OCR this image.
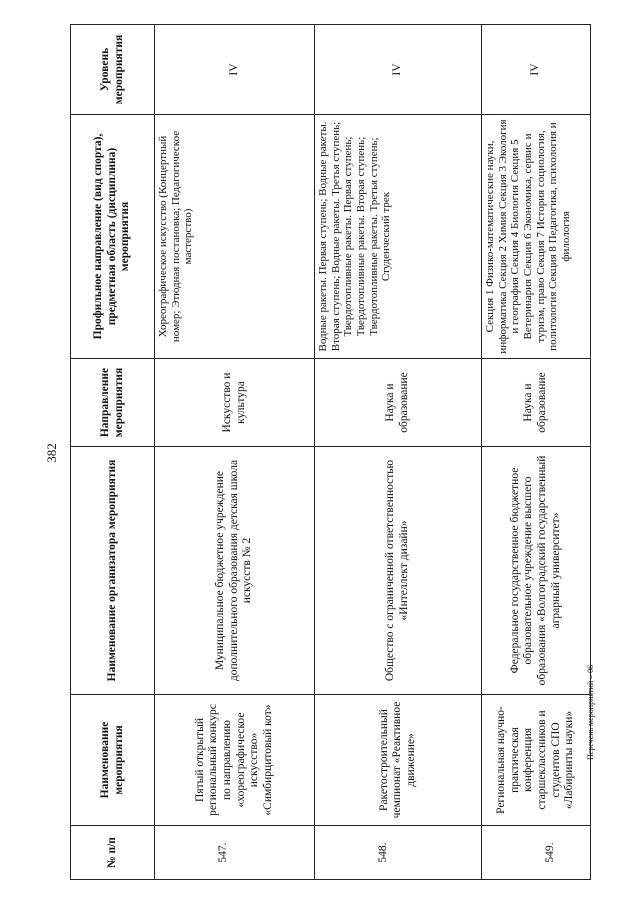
382
№ п/п	Наименование мероприятия	Наименование организатора мероприятия	Направление мероприятия	Профильное направление (вид спорта), предметная область (дисциплина) мероприятия	Уровень мероприятия
547.	Пятый открытый региональный конкурс по направлению «хореографическое искусство» «Симбирцитовый кот»	Муниципальное бюджетное учреждение дополнительного образования детская школа искусств № 2	Искусство и культура	Хореографическое искусство (Концертный номер; Этюдная постановка; Педагогическое мастерство)	IV
548.	Ракетостроительный чемпионат «Реактивное движение»	Общество с ограниченной ответственностью «Интеллект дизайн»	Наука и образование	Водные ракеты. Первая ступень; Водные ракеты. Вторая ступень; Водные ракеты. Третья ступень; Твердотопливные ракеты. Первая ступень; Твердотопливные ракеты. Вторая ступень; Твердотопливные ракеты. Третья ступень; Студенческий трек	IV
549.	Региональная научно-практическая конференция старшеклассников и студентов СПО «Лабиринты науки»	Федеральное государственное бюджетное образовательное учреждение высшего образования «Волгоградский государственный аграрный университет»	Наука и образование	Секция 1 Физико-математические науки, информатика Секция 2 Химия Секция 3 Экология и география Секция 4 Биология Секция 5 Ветеринария Секция 6 Экономика, сервис и туризм, право Секция 7 История социология, политология Секция 8 Педагогика, психология и филология	IV
Перечень мероприятий – 06
